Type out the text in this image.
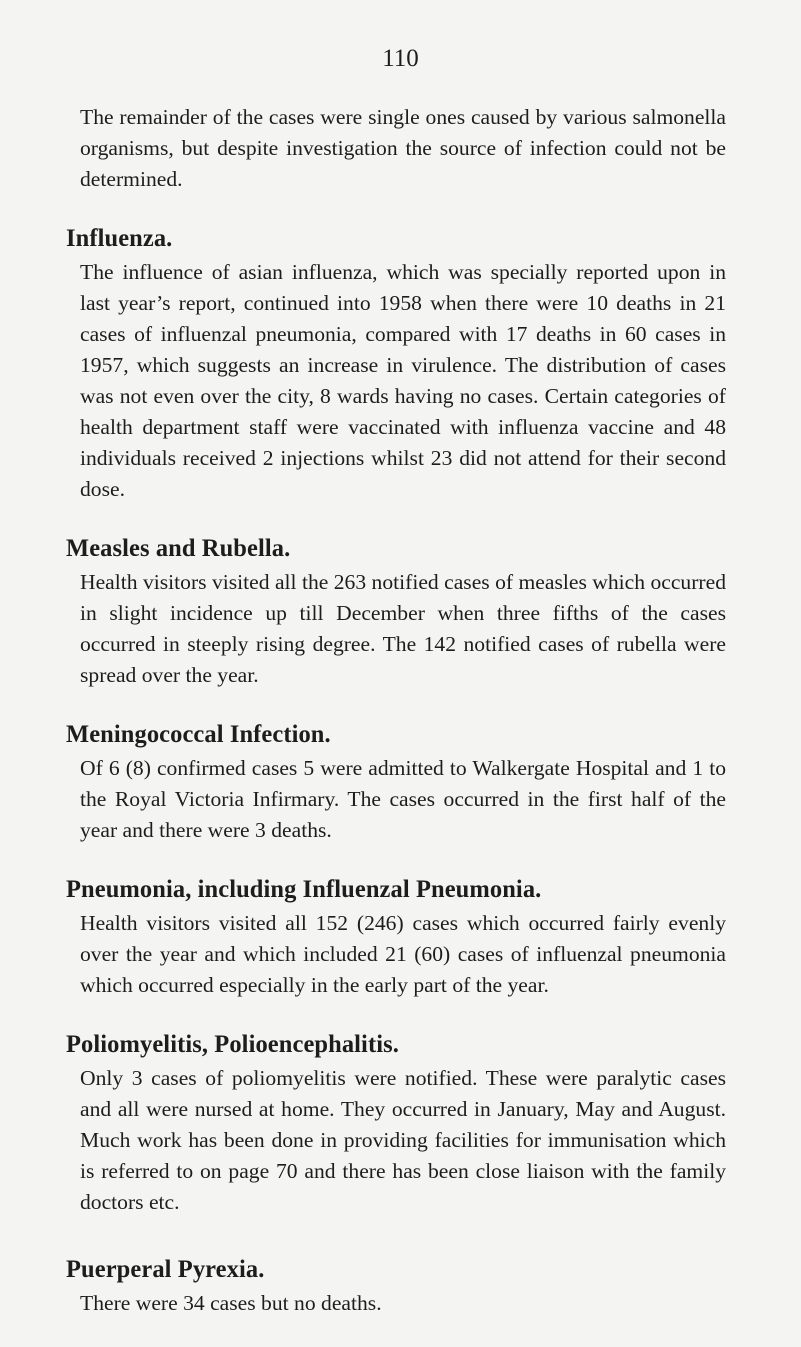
110

The remainder of the cases were single ones caused by various salmonella organisms, but despite investigation the source of infection could not be determined.

Influenza.

The influence of asian influenza, which was specially reported upon in last year’s report, continued into 1958 when there were 10 deaths in 21 cases of influenzal pneumonia, compared with 17 deaths in 60 cases in 1957, which suggests an increase in virulence. The distribution of cases was not even over the city, 8 wards having no cases. Certain categories of health department staff were vaccinated with influenza vaccine and 48 individuals received 2 injections whilst 23 did not attend for their second dose.

Measles and Rubella.

Health visitors visited all the 263 notified cases of measles which occurred in slight incidence up till December when three fifths of the cases occurred in steeply rising degree. The 142 notified cases of rubella were spread over the year.

Meningococcal Infection.

Of 6 (8) confirmed cases 5 were admitted to Walkergate Hospital and 1 to the Royal Victoria Infirmary. The cases occurred in the first half of the year and there were 3 deaths.

Pneumonia, including Influenzal Pneumonia.

Health visitors visited all 152 (246) cases which occurred fairly evenly over the year and which included 21 (60) cases of influenzal pneumonia which occurred especially in the early part of the year.

Poliomyelitis, Polioencephalitis.

Only 3 cases of poliomyelitis were notified. These were paralytic cases and all were nursed at home. They occurred in January, May and August. Much work has been done in providing facilities for immunisation which is referred to on page 70 and there has been close liaison with the family doctors etc.

Puerperal Pyrexia.

There were 34 cases but no deaths.
